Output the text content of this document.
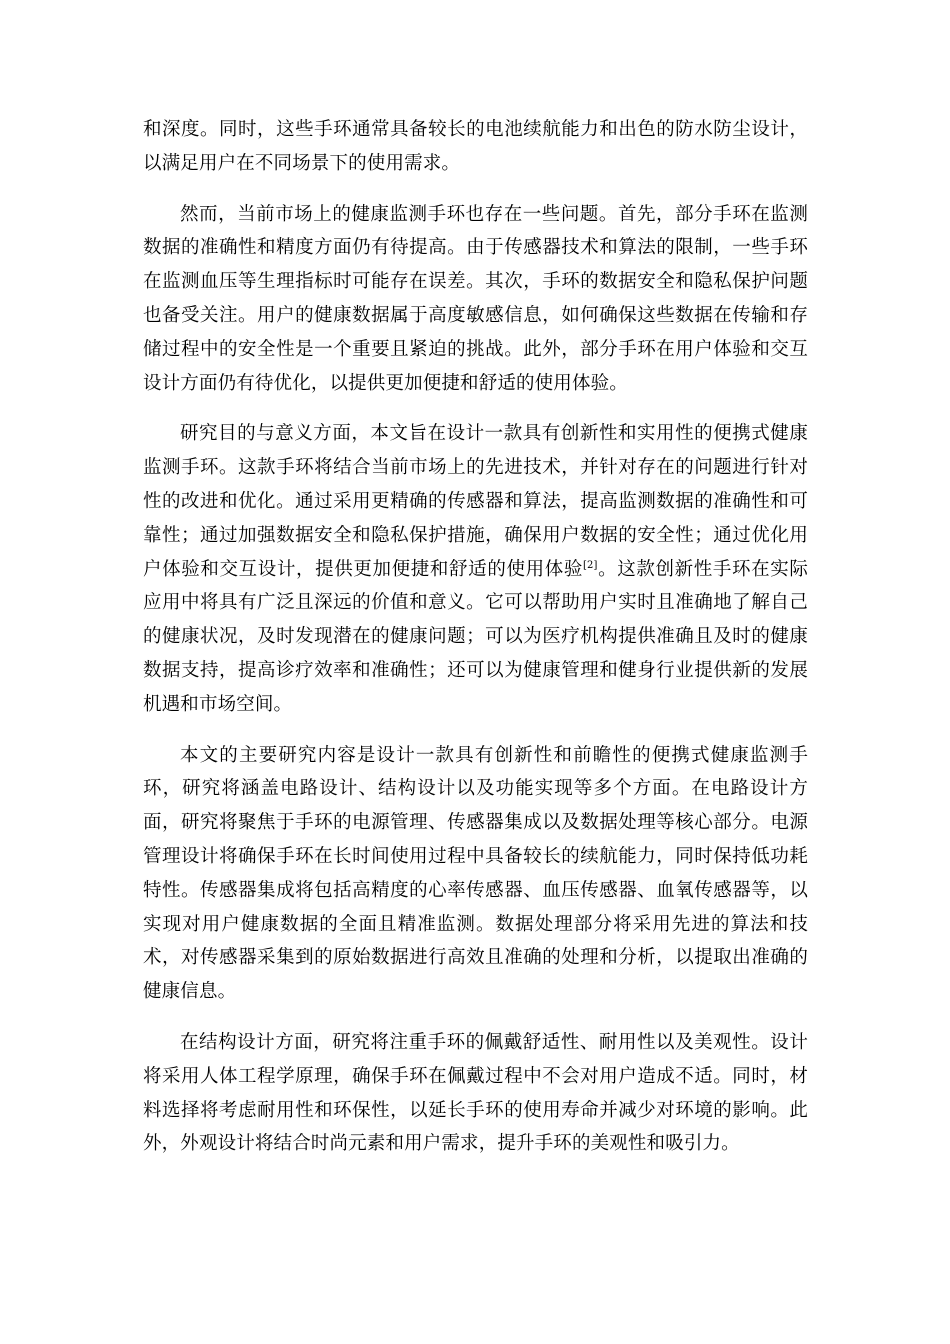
和深度。同时，这些手环通常具备较长的电池续航能力和出色的防水防尘设计，以满足用户在不同场景下的使用需求。

然而，当前市场上的健康监测手环也存在一些问题。首先，部分手环在监测数据的准确性和精度方面仍有待提高。由于传感器技术和算法的限制，一些手环在监测血压等生理指标时可能存在误差。其次，手环的数据安全和隐私保护问题也备受关注。用户的健康数据属于高度敏感信息，如何确保这些数据在传输和存储过程中的安全性是一个重要且紧迫的挑战。此外，部分手环在用户体验和交互设计方面仍有待优化，以提供更加便捷和舒适的使用体验。

研究目的与意义方面，本文旨在设计一款具有创新性和实用性的便携式健康监测手环。这款手环将结合当前市场上的先进技术，并针对存在的问题进行针对性的改进和优化。通过采用更精确的传感器和算法，提高监测数据的准确性和可靠性；通过加强数据安全和隐私保护措施，确保用户数据的安全性；通过优化用户体验和交互设计，提供更加便捷和舒适的使用体验[2]。这款创新性手环在实际应用中将具有广泛且深远的价值和意义。它可以帮助用户实时且准确地了解自己的健康状况，及时发现潜在的健康问题；可以为医疗机构提供准确且及时的健康数据支持，提高诊疗效率和准确性；还可以为健康管理和健身行业提供新的发展机遇和市场空间。

本文的主要研究内容是设计一款具有创新性和前瞻性的便携式健康监测手环，研究将涵盖电路设计、结构设计以及功能实现等多个方面。在电路设计方面，研究将聚焦于手环的电源管理、传感器集成以及数据处理等核心部分。电源管理设计将确保手环在长时间使用过程中具备较长的续航能力，同时保持低功耗特性。传感器集成将包括高精度的心率传感器、血压传感器、血氧传感器等，以实现对用户健康数据的全面且精准监测。数据处理部分将采用先进的算法和技术，对传感器采集到的原始数据进行高效且准确的处理和分析，以提取出准确的健康信息。

在结构设计方面，研究将注重手环的佩戴舒适性、耐用性以及美观性。设计将采用人体工程学原理，确保手环在佩戴过程中不会对用户造成不适。同时，材料选择将考虑耐用性和环保性，以延长手环的使用寿命并减少对环境的影响。此外，外观设计将结合时尚元素和用户需求，提升手环的美观性和吸引力。
